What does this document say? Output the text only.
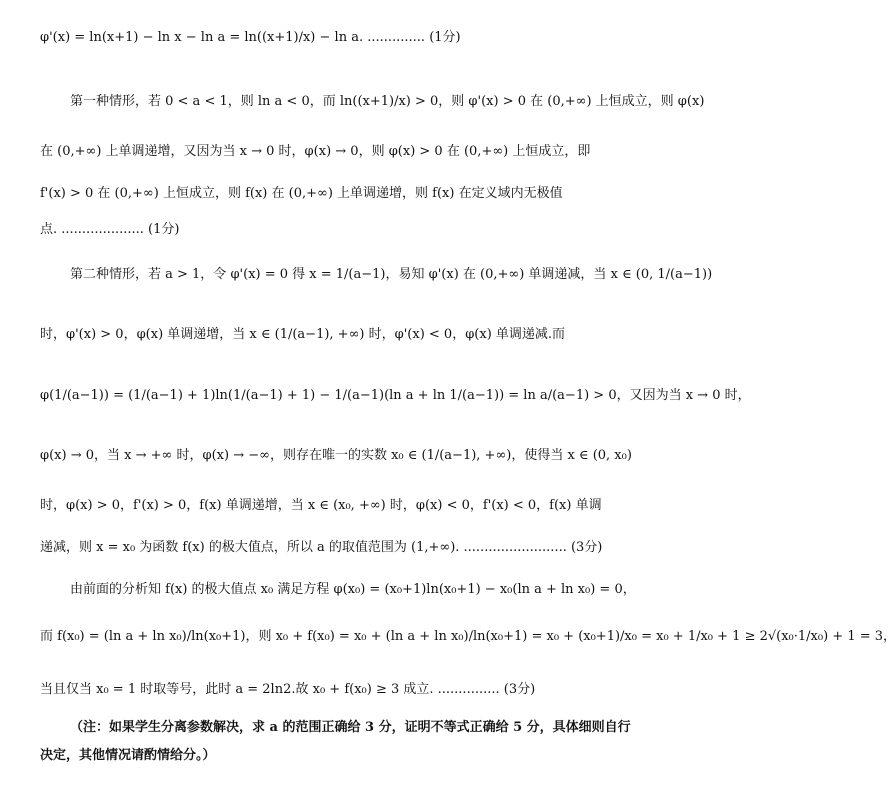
φ'(x) = ln(x+1) − ln x − ln a = ln((x+1)/x) − ln a. .............. (1分)
第一种情形，若 0 < a < 1，则 ln a < 0，而 ln((x+1)/x) > 0，则 φ'(x) > 0 在 (0,+∞) 上恒成立，则 φ(x)
在 (0,+∞) 上单调递增，又因为当 x → 0 时，φ(x) → 0，则 φ(x) > 0 在 (0,+∞) 上恒成立，即
f'(x) > 0 在 (0,+∞) 上恒成立，则 f(x) 在 (0,+∞) 上单调递增，则 f(x) 在定义域内无极值
点. .................... (1分)
第二种情形，若 a > 1，令 φ'(x) = 0 得 x = 1/(a−1)，易知 φ'(x) 在 (0,+∞) 单调递减，当 x ∈ (0, 1/(a−1))
时，φ'(x) > 0，φ(x) 单调递增，当 x ∈ (1/(a−1), +∞) 时，φ'(x) < 0，φ(x) 单调递减.而
φ(1/(a−1)) = (1/(a−1) + 1)ln(1/(a−1) + 1) − 1/(a−1)(ln a + ln 1/(a−1)) = ln a/(a−1) > 0，又因为当 x → 0 时，
φ(x) → 0，当 x → +∞ 时，φ(x) → −∞，则存在唯一的实数 x₀ ∈ (1/(a−1), +∞)，使得当 x ∈ (0, x₀)
时，φ(x) > 0，f'(x) > 0，f(x) 单调递增，当 x ∈ (x₀, +∞) 时，φ(x) < 0，f'(x) < 0，f(x) 单调
递减，则 x = x₀ 为函数 f(x) 的极大值点，所以 a 的取值范围为 (1,+∞). ......................... (3分)
由前面的分析知 f(x) 的极大值点 x₀ 满足方程 φ(x₀) = (x₀+1)ln(x₀+1) − x₀(ln a + ln x₀) = 0，
而 f(x₀) = (ln a + ln x₀)/ln(x₀+1)，则 x₀ + f(x₀) = x₀ + (ln a + ln x₀)/ln(x₀+1) = x₀ + (x₀+1)/x₀ = x₀ + 1/x₀ + 1 ≥ 2√(x₀·1/x₀) + 1 = 3，
当且仅当 x₀ = 1 时取等号，此时 a = 2ln2.故 x₀ + f(x₀) ≥ 3 成立. ............... (3分)
（注：如果学生分离参数解决，求 a 的范围正确给 3 分，证明不等式正确给 5 分，具体细则自行
决定，其他情况请酌情给分。）
